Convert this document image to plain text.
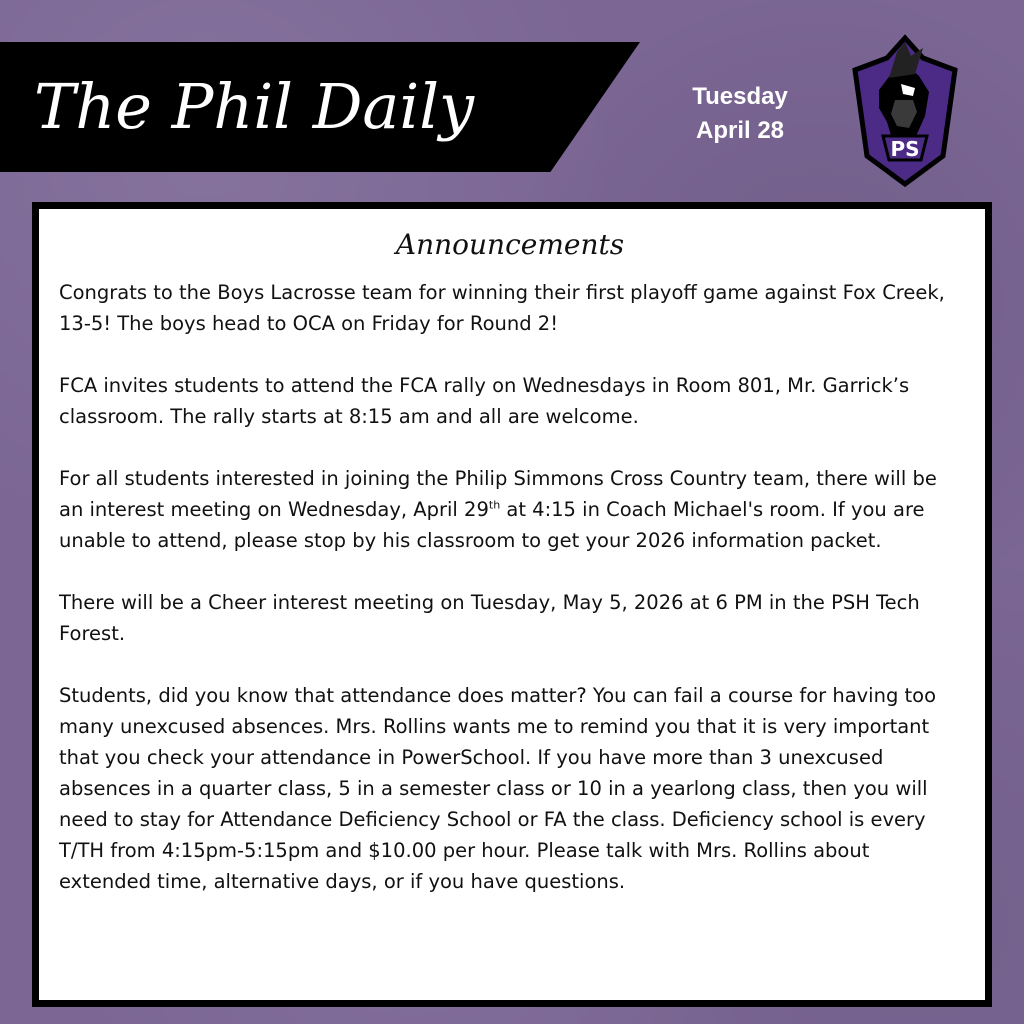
The Phil Daily	Tuesday
April 28
PS
Announcements

Congrats to the Boys Lacrosse team for winning their first playoff game against Fox Creek, 13-5! The boys head to OCA on Friday for Round 2!

FCA invites students to attend the FCA rally on Wednesdays in Room 801, Mr. Garrick’s classroom. The rally starts at 8:15 am and all are welcome.

For all students interested in joining the Philip Simmons Cross Country team, there will be an interest meeting on Wednesday, April 29th at 4:15 in Coach Michael's room. If you are unable to attend, please stop by his classroom to get your 2026 information packet.

There will be a Cheer interest meeting on Tuesday, May 5, 2026 at 6 PM in the PSH Tech Forest.

Students, did you know that attendance does matter? You can fail a course for having too many unexcused absences. Mrs. Rollins wants me to remind you that it is very important that you check your attendance in PowerSchool. If you have more than 3 unexcused absences in a quarter class, 5 in a semester class or 10 in a yearlong class, then you will need to stay for Attendance Deficiency School or FA the class. Deficiency school is every T/TH from 4:15pm-5:15pm and $10.00 per hour. Please talk with Mrs. Rollins about extended time, alternative days, or if you have questions.
